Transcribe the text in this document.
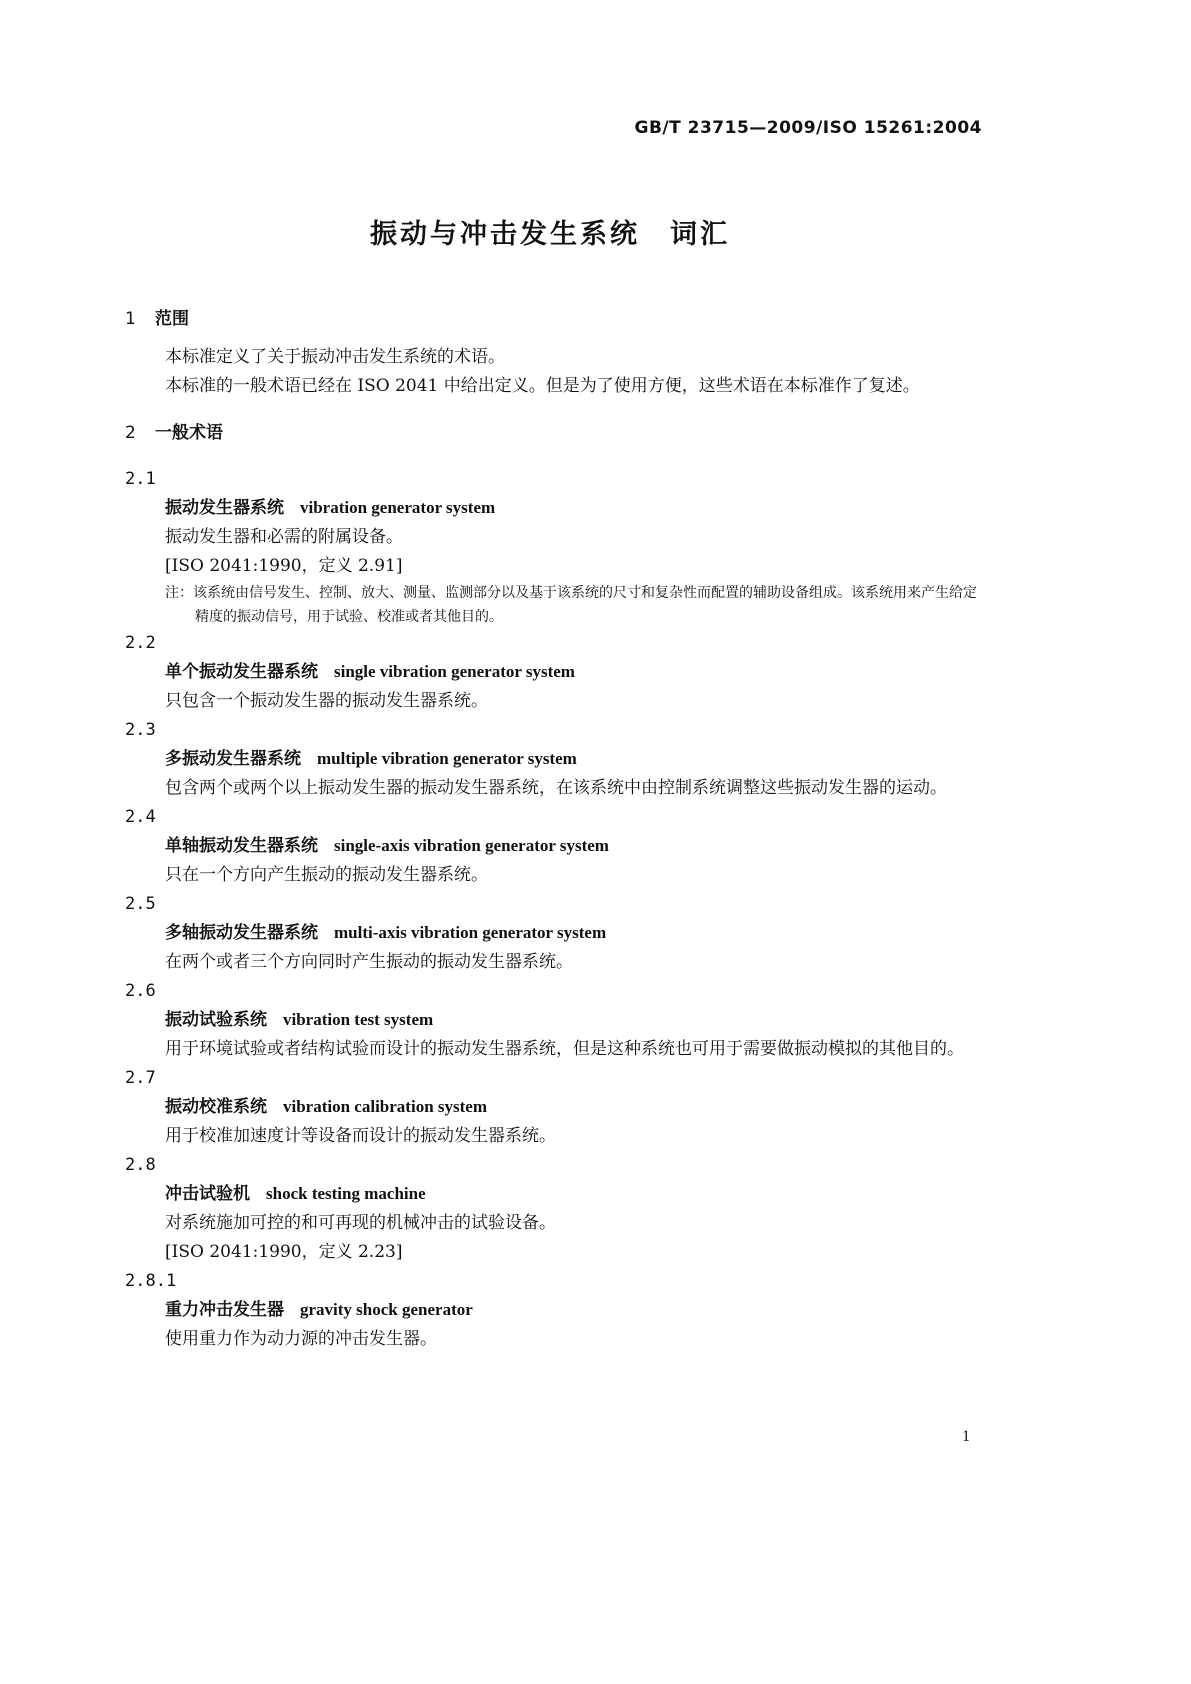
GB/T 23715—2009/ISO 15261:2004
振动与冲击发生系统　词汇
1 范围

本标准定义了关于振动冲击发生系统的术语。

本标准的一般术语已经在 ISO 2041 中给出定义。但是为了使用方便，这些术语在本标准作了复述。

2 一般术语

2.1

振动发生器系统 vibration generator system

振动发生器和必需的附属设备。

[ISO 2041:1990，定义 2.91]

注：该系统由信号发生、控制、放大、测量、监测部分以及基于该系统的尺寸和复杂性而配置的辅助设备组成。该系统用来产生给定精度的振动信号，用于试验、校准或者其他目的。

2.2

单个振动发生器系统 single vibration generator system

只包含一个振动发生器的振动发生器系统。

2.3

多振动发生器系统 multiple vibration generator system

包含两个或两个以上振动发生器的振动发生器系统，在该系统中由控制系统调整这些振动发生器的运动。

2.4

单轴振动发生器系统 single-axis vibration generator system

只在一个方向产生振动的振动发生器系统。

2.5

多轴振动发生器系统 multi-axis vibration generator system

在两个或者三个方向同时产生振动的振动发生器系统。

2.6

振动试验系统 vibration test system

用于环境试验或者结构试验而设计的振动发生器系统，但是这种系统也可用于需要做振动模拟的其他目的。

2.7

振动校准系统 vibration calibration system

用于校准加速度计等设备而设计的振动发生器系统。

2.8

冲击试验机 shock testing machine

对系统施加可控的和可再现的机械冲击的试验设备。

[ISO 2041:1990，定义 2.23]

2.8.1

重力冲击发生器 gravity shock generator

使用重力作为动力源的冲击发生器。

1
